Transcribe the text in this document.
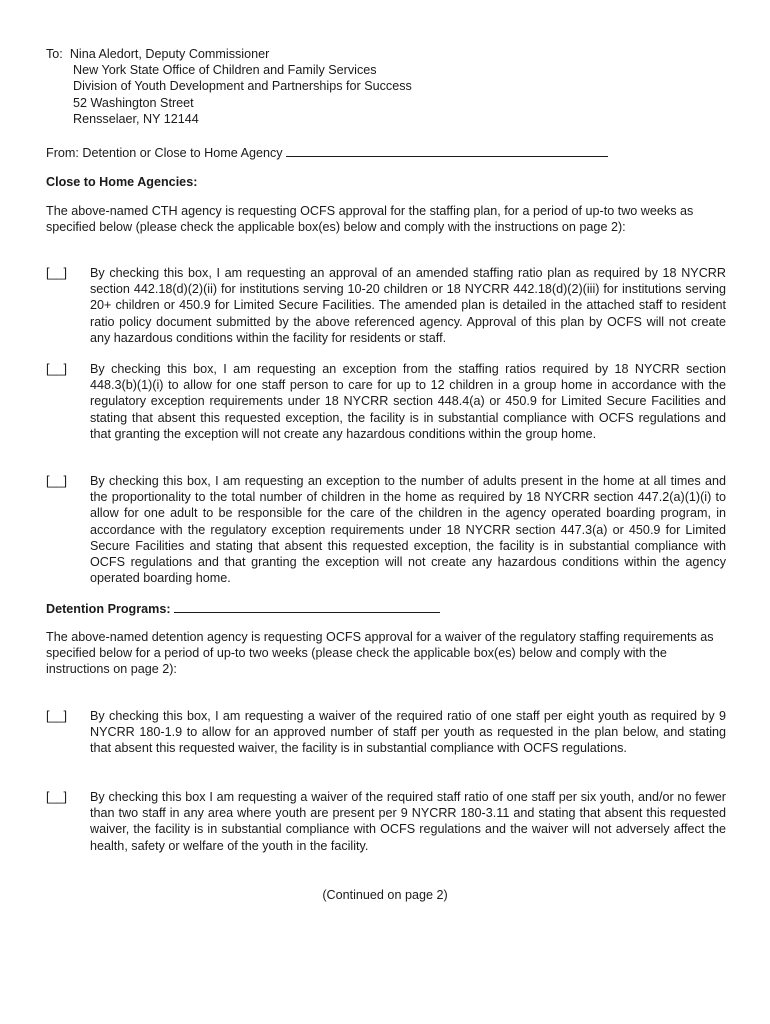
To: Nina Aledort, Deputy Commissioner
New York State Office of Children and Family Services
Division of Youth Development and Partnerships for Success
52 Washington Street
Rensselaer, NY 12144
From: Detention or Close to Home Agency
Close to Home Agencies:
The above-named CTH agency is requesting OCFS approval for the staffing plan, for a period of up-to two weeks as specified below (please check the applicable box(es) below and comply with the instructions on page 2):
[__] By checking this box, I am requesting an approval of an amended staffing ratio plan as required by 18 NYCRR section 442.18(d)(2)(ii) for institutions serving 10-20 children or 18 NYCRR 442.18(d)(2)(iii) for institutions serving 20+ children or 450.9 for Limited Secure Facilities. The amended plan is detailed in the attached staff to resident ratio policy document submitted by the above referenced agency. Approval of this plan by OCFS will not create any hazardous conditions within the facility for residents or staff.
[__] By checking this box, I am requesting an exception from the staffing ratios required by 18 NYCRR section 448.3(b)(1)(i) to allow for one staff person to care for up to 12 children in a group home in accordance with the regulatory exception requirements under 18 NYCRR section 448.4(a) or 450.9 for Limited Secure Facilities and stating that absent this requested exception, the facility is in substantial compliance with OCFS regulations and that granting the exception will not create any hazardous conditions within the group home.
[__] By checking this box, I am requesting an exception to the number of adults present in the home at all times and the proportionality to the total number of children in the home as required by 18 NYCRR section 447.2(a)(1)(i) to allow for one adult to be responsible for the care of the children in the agency operated boarding program, in accordance with the regulatory exception requirements under 18 NYCRR section 447.3(a) or 450.9 for Limited Secure Facilities and stating that absent this requested exception, the facility is in substantial compliance with OCFS regulations and that granting the exception will not create any hazardous conditions within the agency operated boarding home.
Detention Programs:
The above-named detention agency is requesting OCFS approval for a waiver of the regulatory staffing requirements as specified below for a period of up-to two weeks (please check the applicable box(es) below and comply with the instructions on page 2):
[__] By checking this box, I am requesting a waiver of the required ratio of one staff per eight youth as required by 9 NYCRR 180-1.9 to allow for an approved number of staff per youth as requested in the plan below, and stating that absent this requested waiver, the facility is in substantial compliance with OCFS regulations.
[__] By checking this box I am requesting a waiver of the required staff ratio of one staff per six youth, and/or no fewer than two staff in any area where youth are present per 9 NYCRR 180-3.11 and stating that absent this requested waiver, the facility is in substantial compliance with OCFS regulations and the waiver will not adversely affect the health, safety or welfare of the youth in the facility.
(Continued on page 2)
